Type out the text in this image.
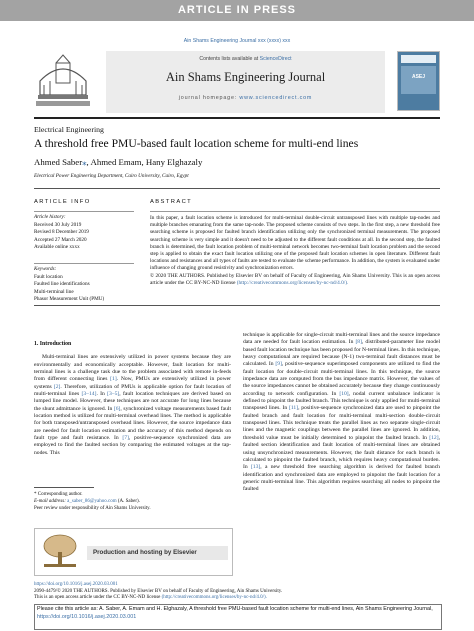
ARTICLE IN PRESS
Ain Shams Engineering Journal xxx (xxxx) xxx
Contents lists available at ScienceDirect
Ain Shams Engineering Journal
journal homepage: www.sciencedirect.com
ASEJ
Electrical Engineering
A threshold free PMU-based fault location scheme for multi-end lines
Ahmed Saber⁎, Ahmed Emam, Hany Elghazaly
Electrical Power Engineering Department, Cairo University, Cairo, Egypt
ARTICLE INFO
Article history:
Received 30 July 2019
Revised 8 December 2019
Accepted 27 March 2020
Available online xxxx
Keywords:
Fault location
Faulted line identifications
Multi-terminal line
Phasor Measurement Unit (PMU)
ABSTRACT
In this paper, a fault location scheme is introduced for multi-terminal double-circuit untransposed lines with multiple tap-nodes and multiple branches emanating from the same tap-node. The proposed scheme consists of two steps. In the first step, a new threshold free searching scheme is proposed for faulted branch identification utilizing only the synchronized terminal measurements. The proposed searching scheme is very simple and it doesn't need to be adjusted to the different fault conditions at all. In the second step, the faulted branch is determined, the fault location problem of multi-terminal network becomes two-terminal fault location problem and the second step is applied to obtain the exact fault location utilizing one of the proposed fault location schemes in open literature. Different fault locations and resistances and all types of faults are tested to evaluate the scheme performance. In addition, the system is evaluated under influence of changing ground resistivity and synchronization errors.
© 2020 THE AUTHORS. Published by Elsevier BV on behalf of Faculty of Engineering, Ain Shams University. This is an open access article under the CC BY-NC-ND license (http://creativecommons.org/licenses/by-nc-nd/4.0/).
1. Introduction

Multi-terminal lines are extensively utilized in power systems because they are environmentally and economically acceptable. However, fault location for multi-terminal lines is a challenge task due to the problem associated with remote in-feeds from different connecting lines [1]. Now, PMUs are extensively utilized in power systems [2]. Therefore, utilization of PMUs is applicable option for fault location of multi-terminal lines [3–14]. In [3–5], fault location techniques are derived based on lumped line model. However, these techniques are not accurate for long lines because the shunt admittance is ignored. In [6], synchronized voltage measurements based fault location method is utilized for multi-terminal overhead lines. The method is applicable for both transposed/untransposed overhead lines. However, the source impedance data are needed for fault location estimation and the accuracy of this method depends on fault type and fault resistance. In [7], positive-sequence synchronized data are employed to find the faulted section by comparing the estimated voltages at the tap-nodes. This

technique is applicable for single-circuit multi-terminal lines and the source impedance data are needed for fault location estimation. In [8], distributed-parameter line model based fault location technique has been proposed for N-terminal lines. In this technique, heavy computational are required because (N-1) two-terminal fault distances must be calculated. In [9], positive-sequence superimposed components are utilized to find the fault location for double-circuit multi-terminal lines. In this technique, the source impedance data are computed from the bus impedance matrix. However, the values of the source impedances cannot be obtained accurately because they change continuously according to network configuration. In [10], nodal current unbalance indicator is defined to pinpoint the faulted branch. This technique is only applied for multi-terminal transposed lines. In [11], positive-sequence synchronized data are used to pinpoint the faulted branch and fault location for multi-terminal multi-section double-circuit transposed lines. This technique treats the parallel lines as two separate single-circuit lines and the magnetic couplings between the parallel lines are ignored. In addition, threshold value must be initially determined to pinpoint the faulted branch. In [12], faulted section identification and fault location of multi-terminal lines are obtained using unsynchronized measurements. However, the fault distance for each branch is calculated to pinpoint the faulted branch, which requires heavy computational burden. In [13], a new threshold free searching algorithm is derived for faulted branch identification and synchronized data are employed to pinpoint the fault location for a generic multi-terminal line. This algorithm requires searching all nodes to pinpoint the faulted

* Corresponding author.
E-mail address: a_saber_86@yahoo.com (A. Saber).
Peer review under responsibility of Ain Shams University.
Production and hosting by Elsevier
https://doi.org/10.1016/j.asej.2020.03.001
2090-4479/© 2020 THE AUTHORS. Published by Elsevier BV on behalf of Faculty of Engineering, Ain Shams University.
This is an open access article under the CC BY-NC-ND license (http://creativecommons.org/licenses/by-nc-nd/4.0/).
Please cite this article as: A. Saber, A. Emam and H. Elghazaly, A threshold free PMU-based fault location scheme for multi-end lines, Ain Shams Engineering Journal, https://doi.org/10.1016/j.asej.2020.03.001
